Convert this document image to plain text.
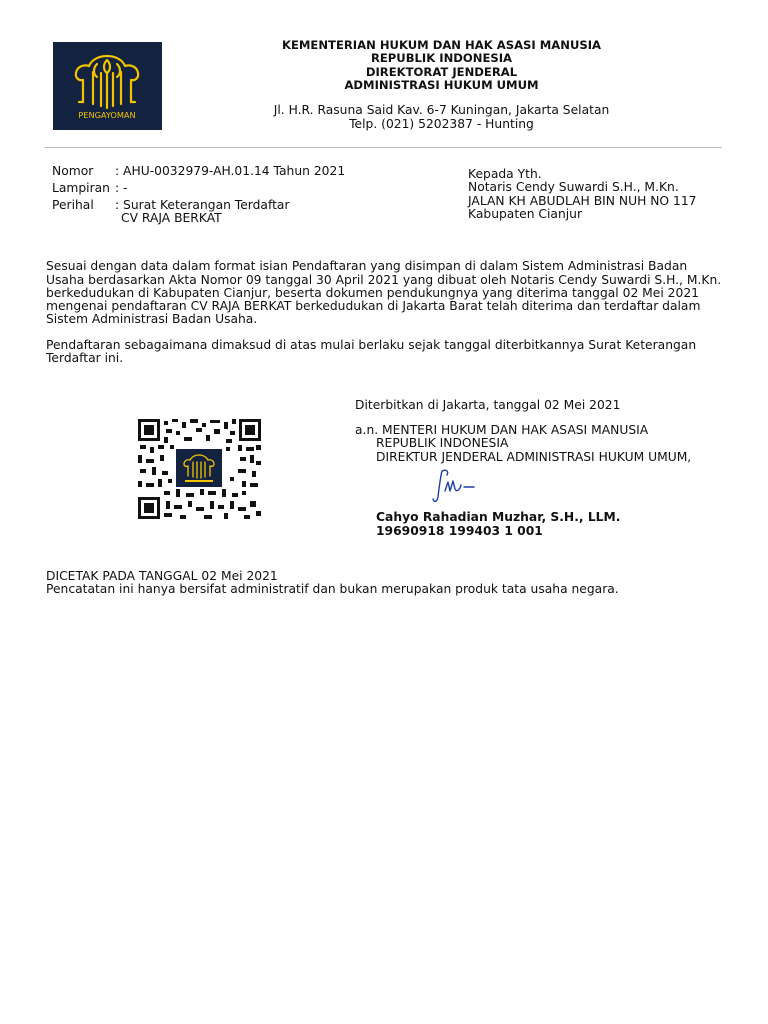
PENGAYOMAN
KEMENTERIAN HUKUM DAN HAK ASASI MANUSIA
REPUBLIK INDONESIA
DIREKTORAT JENDERAL
ADMINISTRASI HUKUM UMUM
Jl. H.R. Rasuna Said Kav. 6-7 Kuningan, Jakarta Selatan
Telp. (021) 5202387 - Hunting
Nomor : AHU-0032979-AH.01.14 Tahun 2021
Lampiran : -
Perihal : Surat Keterangan Terdaftar
CV RAJA BERKAT
Kepada Yth.
Notaris Cendy Suwardi S.H., M.Kn.
JALAN KH ABUDLAH BIN NUH NO 117
Kabupaten Cianjur
Sesuai dengan data dalam format isian Pendaftaran yang disimpan di dalam Sistem Administrasi Badan
Usaha berdasarkan Akta Nomor 09 tanggal 30 April 2021 yang dibuat oleh Notaris Cendy Suwardi S.H., M.Kn.
berkedudukan di Kabupaten Cianjur, beserta dokumen pendukungnya yang diterima tanggal 02 Mei 2021
mengenai pendaftaran CV RAJA BERKAT berkedudukan di Jakarta Barat telah diterima dan terdaftar dalam
Sistem Administrasi Badan Usaha.
Pendaftaran sebagaimana dimaksud di atas mulai berlaku sejak tanggal diterbitkannya Surat Keterangan
Terdaftar ini.
Diterbitkan di Jakarta, tanggal 02 Mei 2021
a.n. MENTERI HUKUM DAN HAK ASASI MANUSIA
REPUBLIK INDONESIA
DIREKTUR JENDERAL ADMINISTRASI HUKUM UMUM,
Cahyo Rahadian Muzhar, S.H., LLM.
19690918 199403 1 001
DICETAK PADA TANGGAL 02 Mei 2021
Pencatatan ini hanya bersifat administratif dan bukan merupakan produk tata usaha negara.
